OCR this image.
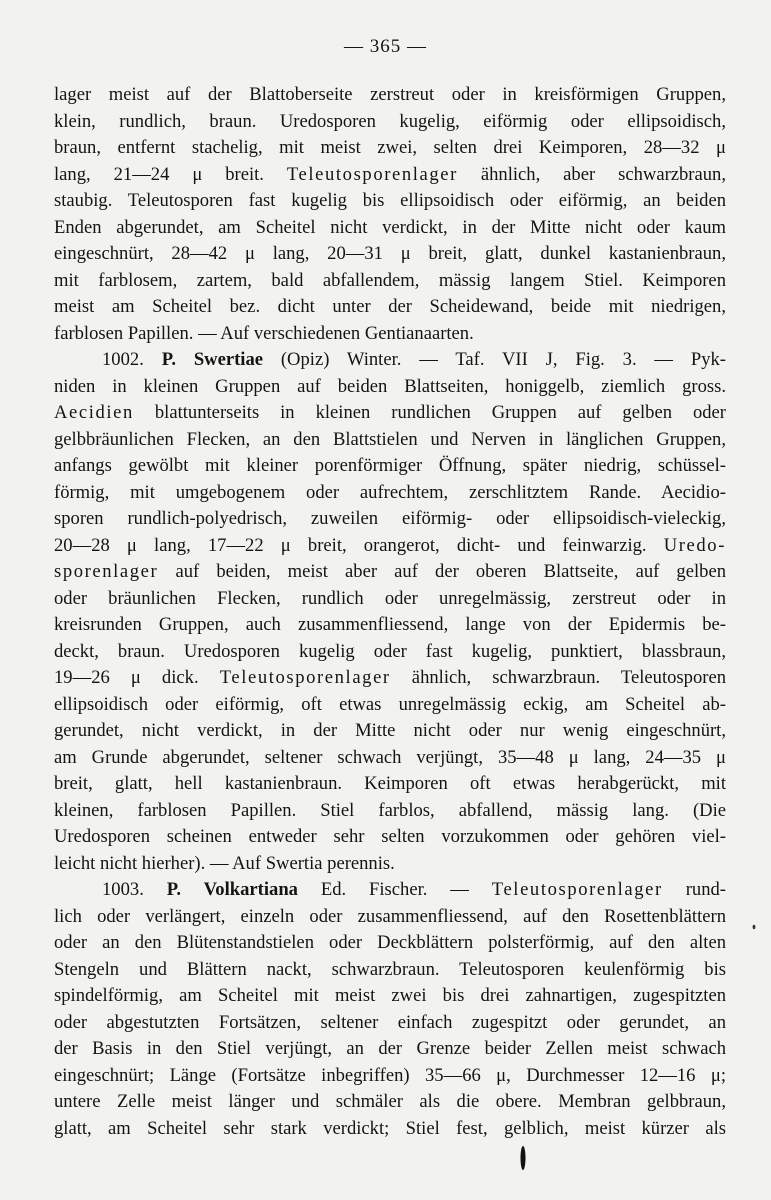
— 365 —
lager meist auf der Blattoberseite zerstreut oder in kreisförmigen Gruppen,
klein, rundlich, braun. Uredosporen kugelig, eiförmig oder ellipsoidisch,
braun, entfernt stachelig, mit meist zwei, selten drei Keimporen, 28—32 μ
lang, 21—24 μ breit. Teleutosporenlager ähnlich, aber schwarzbraun,
staubig. Teleutosporen fast kugelig bis ellipsoidisch oder eiförmig, an beiden
Enden abgerundet, am Scheitel nicht verdickt, in der Mitte nicht oder kaum
eingeschnürt, 28—42 μ lang, 20—31 μ breit, glatt, dunkel kastanienbraun,
mit farblosem, zartem, bald abfallendem, mässig langem Stiel. Keimporen
meist am Scheitel bez. dicht unter der Scheidewand, beide mit niedrigen,
farblosen Papillen. — Auf verschiedenen Gentianaarten.
1002. P. Swertiae (Opiz) Winter. — Taf. VII J, Fig. 3. — Pyk-
niden in kleinen Gruppen auf beiden Blattseiten, honiggelb, ziemlich gross.
Aecidien blattunterseits in kleinen rundlichen Gruppen auf gelben oder
gelbbräunlichen Flecken, an den Blattstielen und Nerven in länglichen Gruppen,
anfangs gewölbt mit kleiner porenförmiger Öffnung, später niedrig, schüssel-
förmig, mit umgebogenem oder aufrechtem, zerschlitztem Rande. Aecidio-
sporen rundlich-polyedrisch, zuweilen eiförmig- oder ellipsoidisch-vieleckig,
20—28 μ lang, 17—22 μ breit, orangerot, dicht- und feinwarzig. Uredo-
sporenlager auf beiden, meist aber auf der oberen Blattseite, auf gelben
oder bräunlichen Flecken, rundlich oder unregelmässig, zerstreut oder in
kreisrunden Gruppen, auch zusammenfliessend, lange von der Epidermis be-
deckt, braun. Uredosporen kugelig oder fast kugelig, punktiert, blassbraun,
19—26 μ dick. Teleutosporenlager ähnlich, schwarzbraun. Teleutosporen
ellipsoidisch oder eiförmig, oft etwas unregelmässig eckig, am Scheitel ab-
gerundet, nicht verdickt, in der Mitte nicht oder nur wenig eingeschnürt,
am Grunde abgerundet, seltener schwach verjüngt, 35—48 μ lang, 24—35 μ
breit, glatt, hell kastanienbraun. Keimporen oft etwas herabgerückt, mit
kleinen, farblosen Papillen. Stiel farblos, abfallend, mässig lang. (Die
Uredosporen scheinen entweder sehr selten vorzukommen oder gehören viel-
leicht nicht hierher). — Auf Swertia perennis.
1003. P. Volkartiana Ed. Fischer. — Teleutosporenlager rund-
lich oder verlängert, einzeln oder zusammenfliessend, auf den Rosettenblättern
oder an den Blütenstandstielen oder Deckblättern polsterförmig, auf den alten
Stengeln und Blättern nackt, schwarzbraun. Teleutosporen keulenförmig bis
spindelförmig, am Scheitel mit meist zwei bis drei zahnartigen, zugespitzten
oder abgestutzten Fortsätzen, seltener einfach zugespitzt oder gerundet, an
der Basis in den Stiel verjüngt, an der Grenze beider Zellen meist schwach
eingeschnürt; Länge (Fortsätze inbegriffen) 35—66 μ, Durchmesser 12—16 μ;
untere Zelle meist länger und schmäler als die obere. Membran gelbbraun,
glatt, am Scheitel sehr stark verdickt; Stiel fest, gelblich, meist kürzer als
